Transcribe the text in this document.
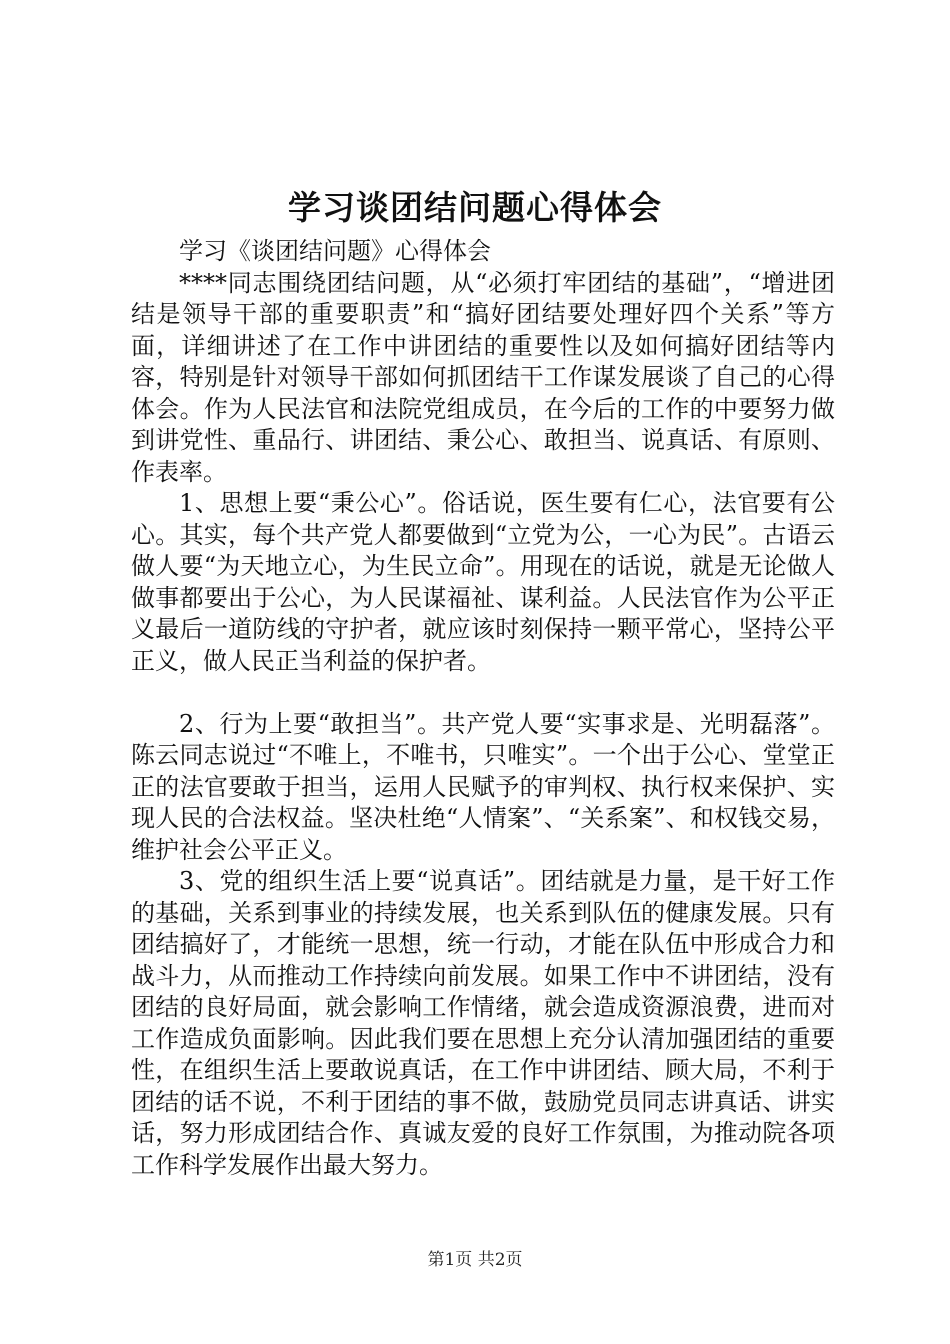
学习谈团结问题心得体会

学习《谈团结问题》心得体会

****同志围绕团结问题，从“必须打牢团结的基础”，“增进团结是领导干部的重要职责”和“搞好团结要处理好四个关系”等方面，详细讲述了在工作中讲团结的重要性以及如何搞好团结等内容，特别是针对领导干部如何抓团结干工作谋发展谈了自己的心得体会。作为人民法官和法院党组成员，在今后的工作的中要努力做到讲党性、重品行、讲团结、秉公心、敢担当、说真话、有原则、作表率。

1、思想上要“秉公心”。俗话说，医生要有仁心，法官要有公心。其实，每个共产党人都要做到“立党为公，一心为民”。古语云做人要“为天地立心，为生民立命”。用现在的话说，就是无论做人做事都要出于公心，为人民谋福祉、谋利益。人民法官作为公平正义最后一道防线的守护者，就应该时刻保持一颗平常心，坚持公平正义，做人民正当利益的保护者。

2、行为上要“敢担当”。共产党人要“实事求是、光明磊落”。陈云同志说过“不唯上，不唯书，只唯实”。一个出于公心、堂堂正正的法官要敢于担当，运用人民赋予的审判权、执行权来保护、实现人民的合法权益。坚决杜绝“人情案”、“关系案”、和权钱交易，维护社会公平正义。

3、党的组织生活上要“说真话”。团结就是力量，是干好工作的基础，关系到事业的持续发展，也关系到队伍的健康发展。只有团结搞好了，才能统一思想，统一行动，才能在队伍中形成合力和战斗力，从而推动工作持续向前发展。如果工作中不讲团结，没有团结的良好局面，就会影响工作情绪，就会造成资源浪费，进而对工作造成负面影响。因此我们要在思想上充分认清加强团结的重要性，在组织生活上要敢说真话，在工作中讲团结、顾大局，不利于团结的话不说，不利于团结的事不做，鼓励党员同志讲真话、讲实话，努力形成团结合作、真诚友爱的良好工作氛围，为推动院各项工作科学发展作出最大努力。

第1页 共2页
